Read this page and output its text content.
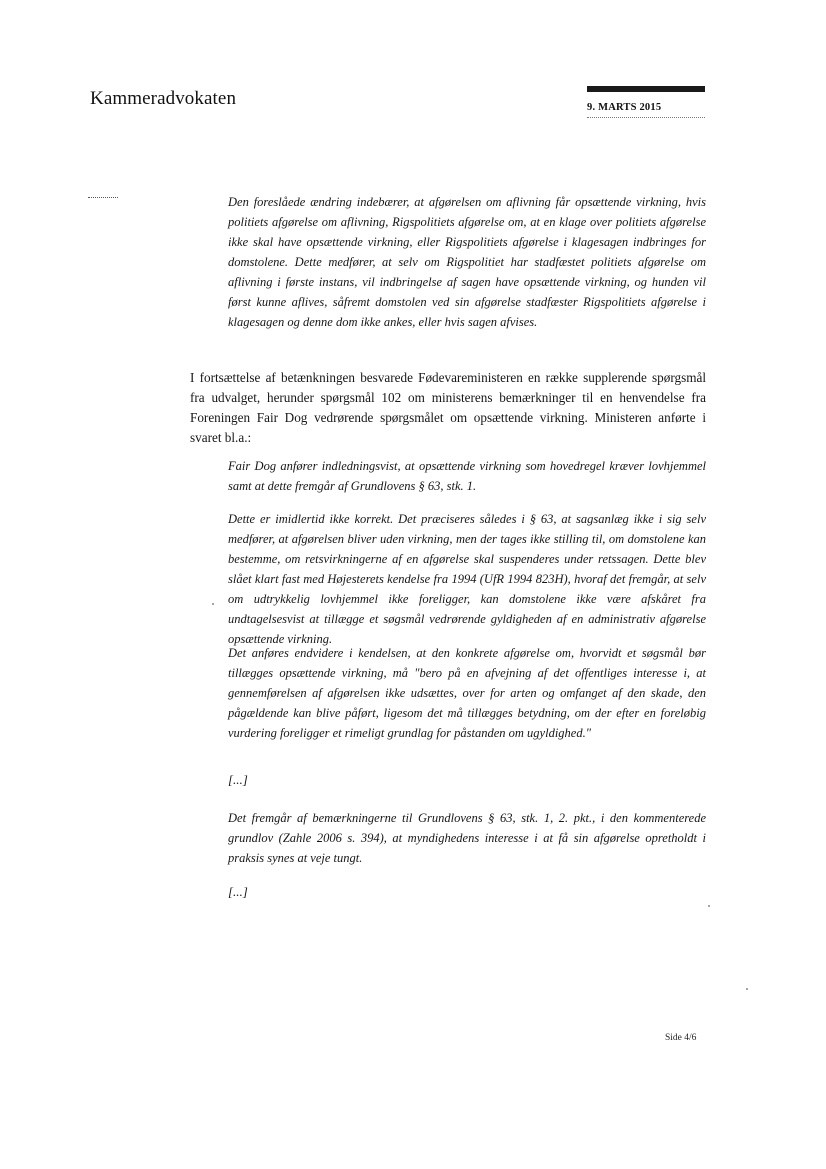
Kammeradvokaten	9. MARTS 2015

Den foreslåede ændring indebærer, at afgørelsen om aflivning får opsættende virkning, hvis politiets afgørelse om aflivning, Rigspolitiets afgørelse om, at en klage over politiets afgørelse ikke skal have opsættende virkning, eller Rigspolitiets afgørelse i klagesagen indbringes for domstolene. Dette medfører, at selv om Rigspolitiet har stadfæstet politiets afgørelse om aflivning i første instans, vil indbringelse af sagen have opsættende virkning, og hunden vil først kunne aflives, såfremt domstolen ved sin afgørelse stadfæster Rigspolitiets afgørelse i klagesagen og denne dom ikke ankes, eller hvis sagen afvises.

I fortsættelse af betænkningen besvarede Fødevareministeren en række supplerende spørgsmål fra udvalget, herunder spørgsmål 102 om ministerens bemærkninger til en henvendelse fra Foreningen Fair Dog vedrørende spørgsmålet om opsættende virkning. Ministeren anførte i svaret bl.a.:

Fair Dog anfører indledningsvist, at opsættende virkning som hovedregel kræver lovhjemmel samt at dette fremgår af Grundlovens § 63, stk. 1.

Dette er imidlertid ikke korrekt. Det præciseres således i § 63, at sagsanlæg ikke i sig selv medfører, at afgørelsen bliver uden virkning, men der tages ikke stilling til, om domstolene kan bestemme, om retsvirkningerne af en afgørelse skal suspenderes under retssagen. Dette blev slået klart fast med Højesterets kendelse fra 1994 (UfR 1994 823H), hvoraf det fremgår, at selv om udtrykkelig lovhjemmel ikke foreligger, kan domstolene ikke være afskåret fra undtagelsesvist at tillægge et søgsmål vedrørende gyldigheden af en administrativ afgørelse opsættende virkning.

Det anføres endvidere i kendelsen, at den konkrete afgørelse om, hvorvidt et søgsmål bør tillægges opsættende virkning, må "bero på en afvejning af det offentliges interesse i, at gennemførelsen af afgørelsen ikke udsættes, over for arten og omfanget af den skade, den pågældende kan blive påført, ligesom det må tillægges betydning, om der efter en foreløbig vurdering foreligger et rimeligt grundlag for påstanden om ugyldighed."

[...]

Det fremgår af bemærkningerne til Grundlovens § 63, stk. 1, 2. pkt., i den kommenterede grundlov (Zahle 2006 s. 394), at myndighedens interesse i at få sin afgørelse opretholdt i praksis synes at veje tungt.

[...]
Side 4/6
